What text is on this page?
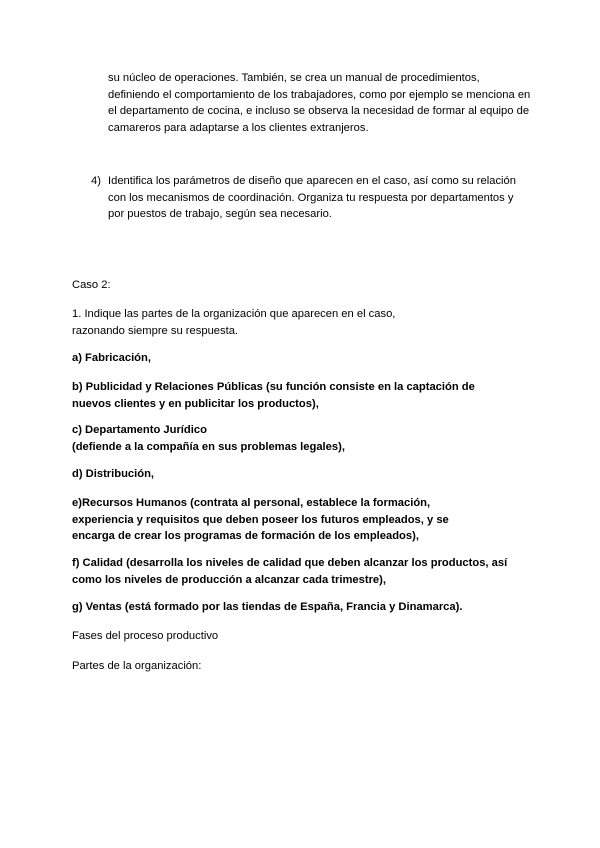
su núcleo de operaciones. También, se crea un manual de procedimientos,
definiendo el comportamiento de los trabajadores, como por ejemplo se menciona en
el departamento de cocina, e incluso se observa la necesidad de formar al equipo de
camareros para adaptarse a los clientes extranjeros.
4) Identifica los parámetros de diseño que aparecen en el caso, así como su relación
con los mecanismos de coordinación. Organiza tu respuesta por departamentos y
por puestos de trabajo, según sea necesario.
Caso 2:
1. Indique las partes de la organización que aparecen en el caso,
razonando siempre su respuesta.
a) Fabricación,
b) Publicidad y Relaciones Públicas (su función consiste en la captación de
nuevos clientes y en publicitar los productos),
c) Departamento Jurídico
(defiende a la compañía en sus problemas legales),
d) Distribución,
e)Recursos Humanos (contrata al personal, establece la formación,
experiencia y requisitos que deben poseer los futuros empleados, y se
encarga de crear los programas de formación de los empleados),
f) Calidad (desarrolla los niveles de calidad que deben alcanzar los productos, así
como los niveles de producción a alcanzar cada trimestre),
g) Ventas (está formado por las tiendas de España, Francia y Dinamarca).
Fases del proceso productivo
Partes de la organización:
